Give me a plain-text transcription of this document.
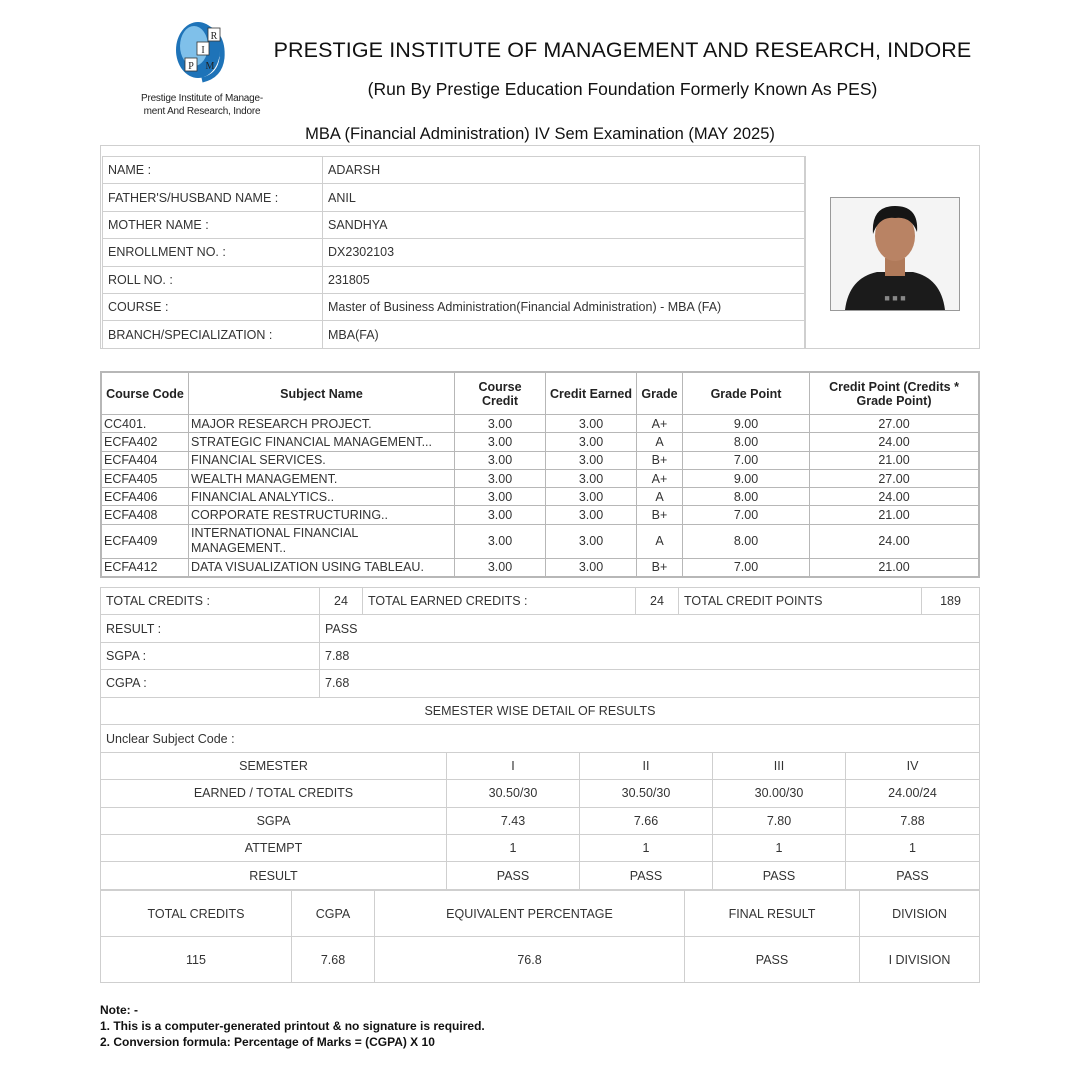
P
I
M
R
Prestige Institute of Manage-ment And Research, Indore
PRESTIGE INSTITUTE OF MANAGEMENT AND RESEARCH, INDORE
(Run By Prestige Education Foundation Formerly Known As PES)
MBA (Financial Administration) IV Sem Examination (MAY 2025)
NAME :	ADARSH
FATHER'S/HUSBAND NAME :	ANIL
MOTHER NAME :	SANDHYA
ENROLLMENT NO. :	DX2302103
ROLL NO. :	231805
COURSE :	Master of Business Administration(Financial Administration) - MBA (FA)
BRANCH/SPECIALIZATION :	MBA(FA)
■ ■ ■
Course Code	Subject Name	Course Credit	Credit Earned	Grade	Grade Point	Credit Point (Credits * Grade Point)
CC401.	MAJOR RESEARCH PROJECT.	3.00	3.00	A+	9.00	27.00
ECFA402	STRATEGIC FINANCIAL MANAGEMENT...	3.00	3.00	A	8.00	24.00
ECFA404	FINANCIAL SERVICES.	3.00	3.00	B+	7.00	21.00
ECFA405	WEALTH MANAGEMENT.	3.00	3.00	A+	9.00	27.00
ECFA406	FINANCIAL ANALYTICS..	3.00	3.00	A	8.00	24.00
ECFA408	CORPORATE RESTRUCTURING..	3.00	3.00	B+	7.00	21.00
ECFA409	INTERNATIONAL FINANCIAL MANAGEMENT..	3.00	3.00	A	8.00	24.00
ECFA412	DATA VISUALIZATION USING TABLEAU.	3.00	3.00	B+	7.00	21.00
TOTAL CREDITS :	24	TOTAL EARNED CREDITS :	24	TOTAL CREDIT POINTS	189
RESULT :	PASS				
SGPA :	7.88				
CGPA :	7.68				
SEMESTER WISE DETAIL OF RESULTS				
Unclear Subject Code :				
SEMESTER	I	II	III	IV
EARNED / TOTAL CREDITS	30.50/30	30.50/30	30.00/30	24.00/24
SGPA	7.43	7.66	7.80	7.88
ATTEMPT	1	1	1	1
RESULT	PASS	PASS	PASS	PASS
TOTAL CREDITS	CGPA	EQUIVALENT PERCENTAGE	FINAL RESULT	DIVISION
115	7.68	76.8	PASS	I DIVISION
Note: -
1. This is a computer-generated printout & no signature is required.
2. Conversion formula: Percentage of Marks = (CGPA) X 10
